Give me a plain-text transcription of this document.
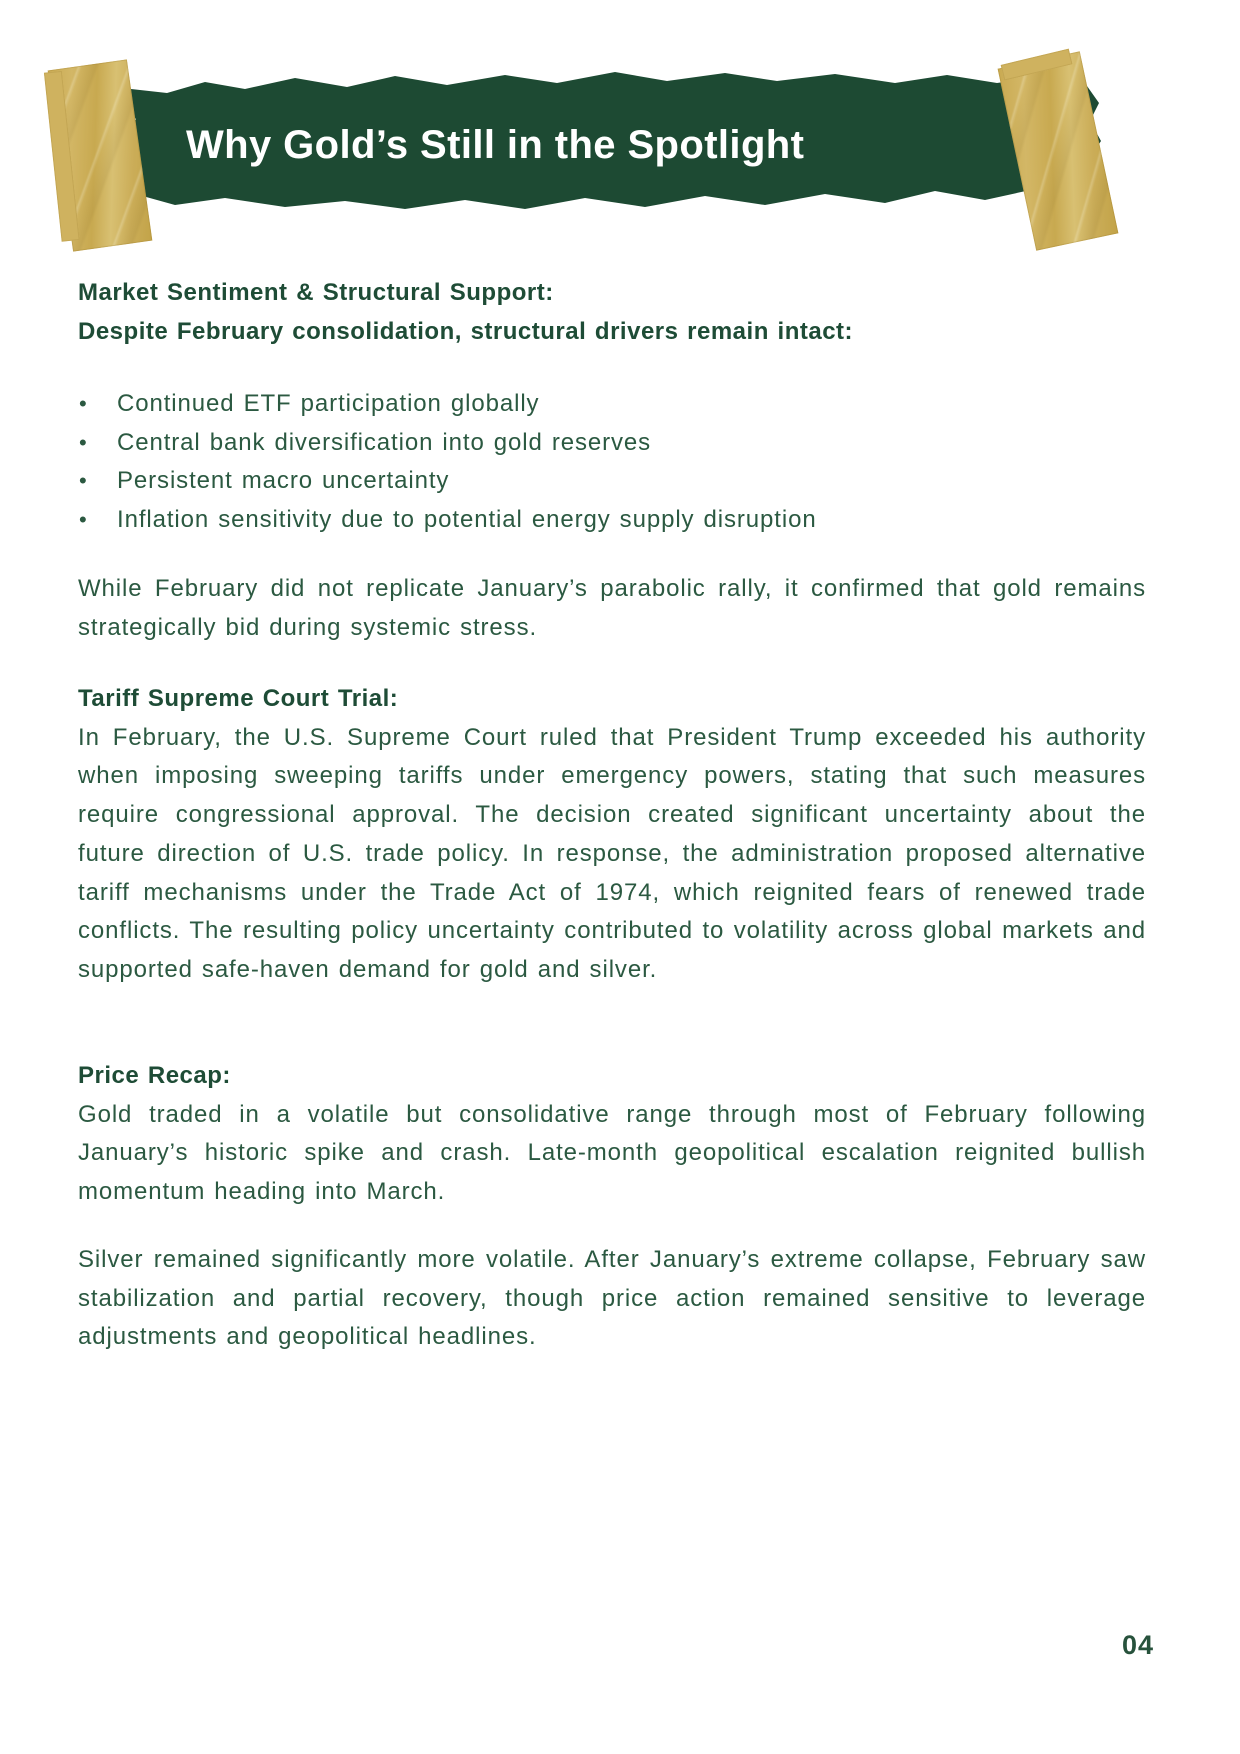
Why Gold’s Still in the Spotlight

Market Sentiment & Structural Support:

Despite February consolidation, structural drivers remain intact:

• Continued ETF participation globally
• Central bank diversification into gold reserves
• Persistent macro uncertainty
• Inflation sensitivity due to potential energy supply disruption

While February did not replicate January’s parabolic rally, it confirmed that gold remains strategically bid during systemic stress.

Tariff Supreme Court Trial:

In February, the U.S. Supreme Court ruled that President Trump exceeded his authority when imposing sweeping tariffs under emergency powers, stating that such measures require congressional approval. The decision created significant uncertainty about the future direction of U.S. trade policy. In response, the administration proposed alternative tariff mechanisms under the Trade Act of 1974, which reignited fears of renewed trade conflicts. The resulting policy uncertainty contributed to volatility across global markets and supported safe-haven demand for gold and silver.

Price Recap:

Gold traded in a volatile but consolidative range through most of February following January’s historic spike and crash. Late-month geopolitical escalation reignited bullish momentum heading into March.

Silver remained significantly more volatile. After January’s extreme collapse, February saw stabilization and partial recovery, though price action remained sensitive to leverage adjustments and geopolitical headlines.

04
